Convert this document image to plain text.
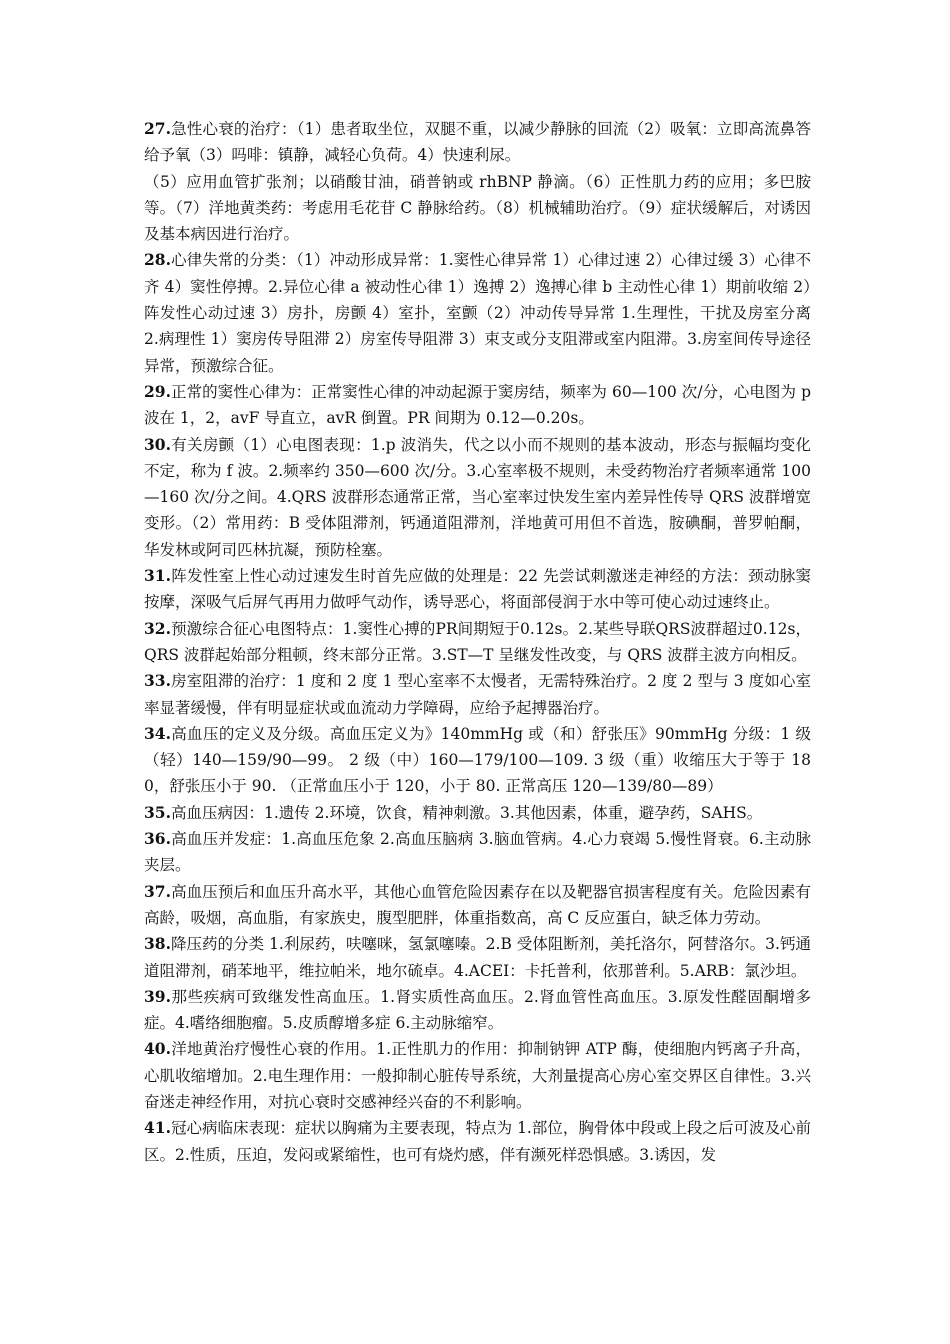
27.急性心衰的治疗：（1）患者取坐位，双腿不重，以减少静脉的回流（2）吸氧：立即高流鼻答给予氧（3）吗啡：镇静，减轻心负荷。4）快速利尿。

（5）应用血管扩张剂；以硝酸甘油，硝普钠或 rhBNP 静滴。（6）正性肌力药的应用；多巴胺等。（7）洋地黄类药：考虑用毛花苷 C 静脉给药。（8）机械辅助治疗。（9）症状缓解后，对诱因及基本病因进行治疗。

28.心律失常的分类：（1）冲动形成异常：1.窦性心律异常 1）心律过速 2）心律过缓 3）心律不齐 4）窦性停搏。2.异位心律 a 被动性心律 1）逸搏 2）逸搏心律 b 主动性心律 1）期前收缩 2）阵发性心动过速 3）房扑，房颤 4）室扑，室颤（2）冲动传导异常 1.生理性，干扰及房室分离 2.病理性 1）窦房传导阻滞 2）房室传导阻滞 3）束支或分支阻滞或室内阻滞。3.房室间传导途径异常，预激综合征。

29.正常的窦性心律为：正常窦性心律的冲动起源于窦房结，频率为 60—100 次/分，心电图为 p 波在 1，2，avF 导直立，avR 倒置。PR 间期为 0.12—0.20s。

30.有关房颤（1）心电图表现：1.p 波消失，代之以小而不规则的基本波动，形态与振幅均变化不定，称为 f 波。2.频率约 350—600 次/分。3.心室率极不规则，未受药物治疗者频率通常 100—160 次/分之间。4.QRS 波群形态通常正常，当心室率过快发生室内差异性传导 QRS 波群增宽变形。（2）常用药：B 受体阻滞剂，钙通道阻滞剂，洋地黄可用但不首选，胺碘酮，普罗帕酮，华发林或阿司匹林抗凝，预防栓塞。

31.阵发性室上性心动过速发生时首先应做的处理是：22 先尝试刺激迷走神经的方法：颈动脉窦按摩，深吸气后屏气再用力做呼气动作，诱导恶心，将面部侵润于水中等可使心动过速终止。

32.预激综合征心电图特点：1.窦性心搏的PR间期短于0.12s。2.某些导联QRS波群超过0.12s，QRS 波群起始部分粗顿，终末部分正常。3.ST—T 呈继发性改变，与 QRS 波群主波方向相反。

33.房室阻滞的治疗：1 度和 2 度 1 型心室率不太慢者，无需特殊治疗。2 度 2 型与 3 度如心室率显著缓慢，伴有明显症状或血流动力学障碍，应给予起搏器治疗。

34.高血压的定义及分级。高血压定义为》140mmHg 或（和）舒张压》90mmHg 分级：1 级（轻）140—159/90—99。 2 级（中）160—179/100—109. 3 级（重）收缩压大于等于 180，舒张压小于 90. （正常血压小于 120，小于 80. 正常高压 120—139/80—89）

35.高血压病因：1.遗传 2.环境，饮食，精神刺激。3.其他因素，体重，避孕药，SAHS。

36.高血压并发症：1.高血压危象 2.高血压脑病 3.脑血管病。4.心力衰竭 5.慢性肾衰。6.主动脉夹层。

37.高血压预后和血压升高水平，其他心血管危险因素存在以及靶器官损害程度有关。危险因素有高龄，吸烟，高血脂，有家族史，腹型肥胖，体重指数高，高 C 反应蛋白，缺乏体力劳动。

38.降压药的分类 1.利尿药，呋噻咪，氢氯噻嗪。2.B 受体阻断剂，美托洛尔，阿替洛尔。3.钙通道阻滞剂，硝苯地平，维拉帕米，地尔硫卓。4.ACEI：卡托普利，依那普利。5.ARB：氯沙坦。

39.那些疾病可致继发性高血压。1.肾实质性高血压。2.肾血管性高血压。3.原发性醛固酮增多症。4.嗜络细胞瘤。5.皮质醇增多症 6.主动脉缩窄。

40.洋地黄治疗慢性心衰的作用。1.正性肌力的作用：抑制钠钾 ATP 酶，使细胞内钙离子升高，心肌收缩增加。2.电生理作用：一般抑制心脏传导系统，大剂量提高心房心室交界区自律性。3.兴奋迷走神经作用，对抗心衰时交感神经兴奋的不利影响。

41.冠心病临床表现：症状以胸痛为主要表现，特点为 1.部位，胸骨体中段或上段之后可波及心前区。2.性质，压迫，发闷或紧缩性，也可有烧灼感，伴有濒死样恐惧感。3.诱因，发
